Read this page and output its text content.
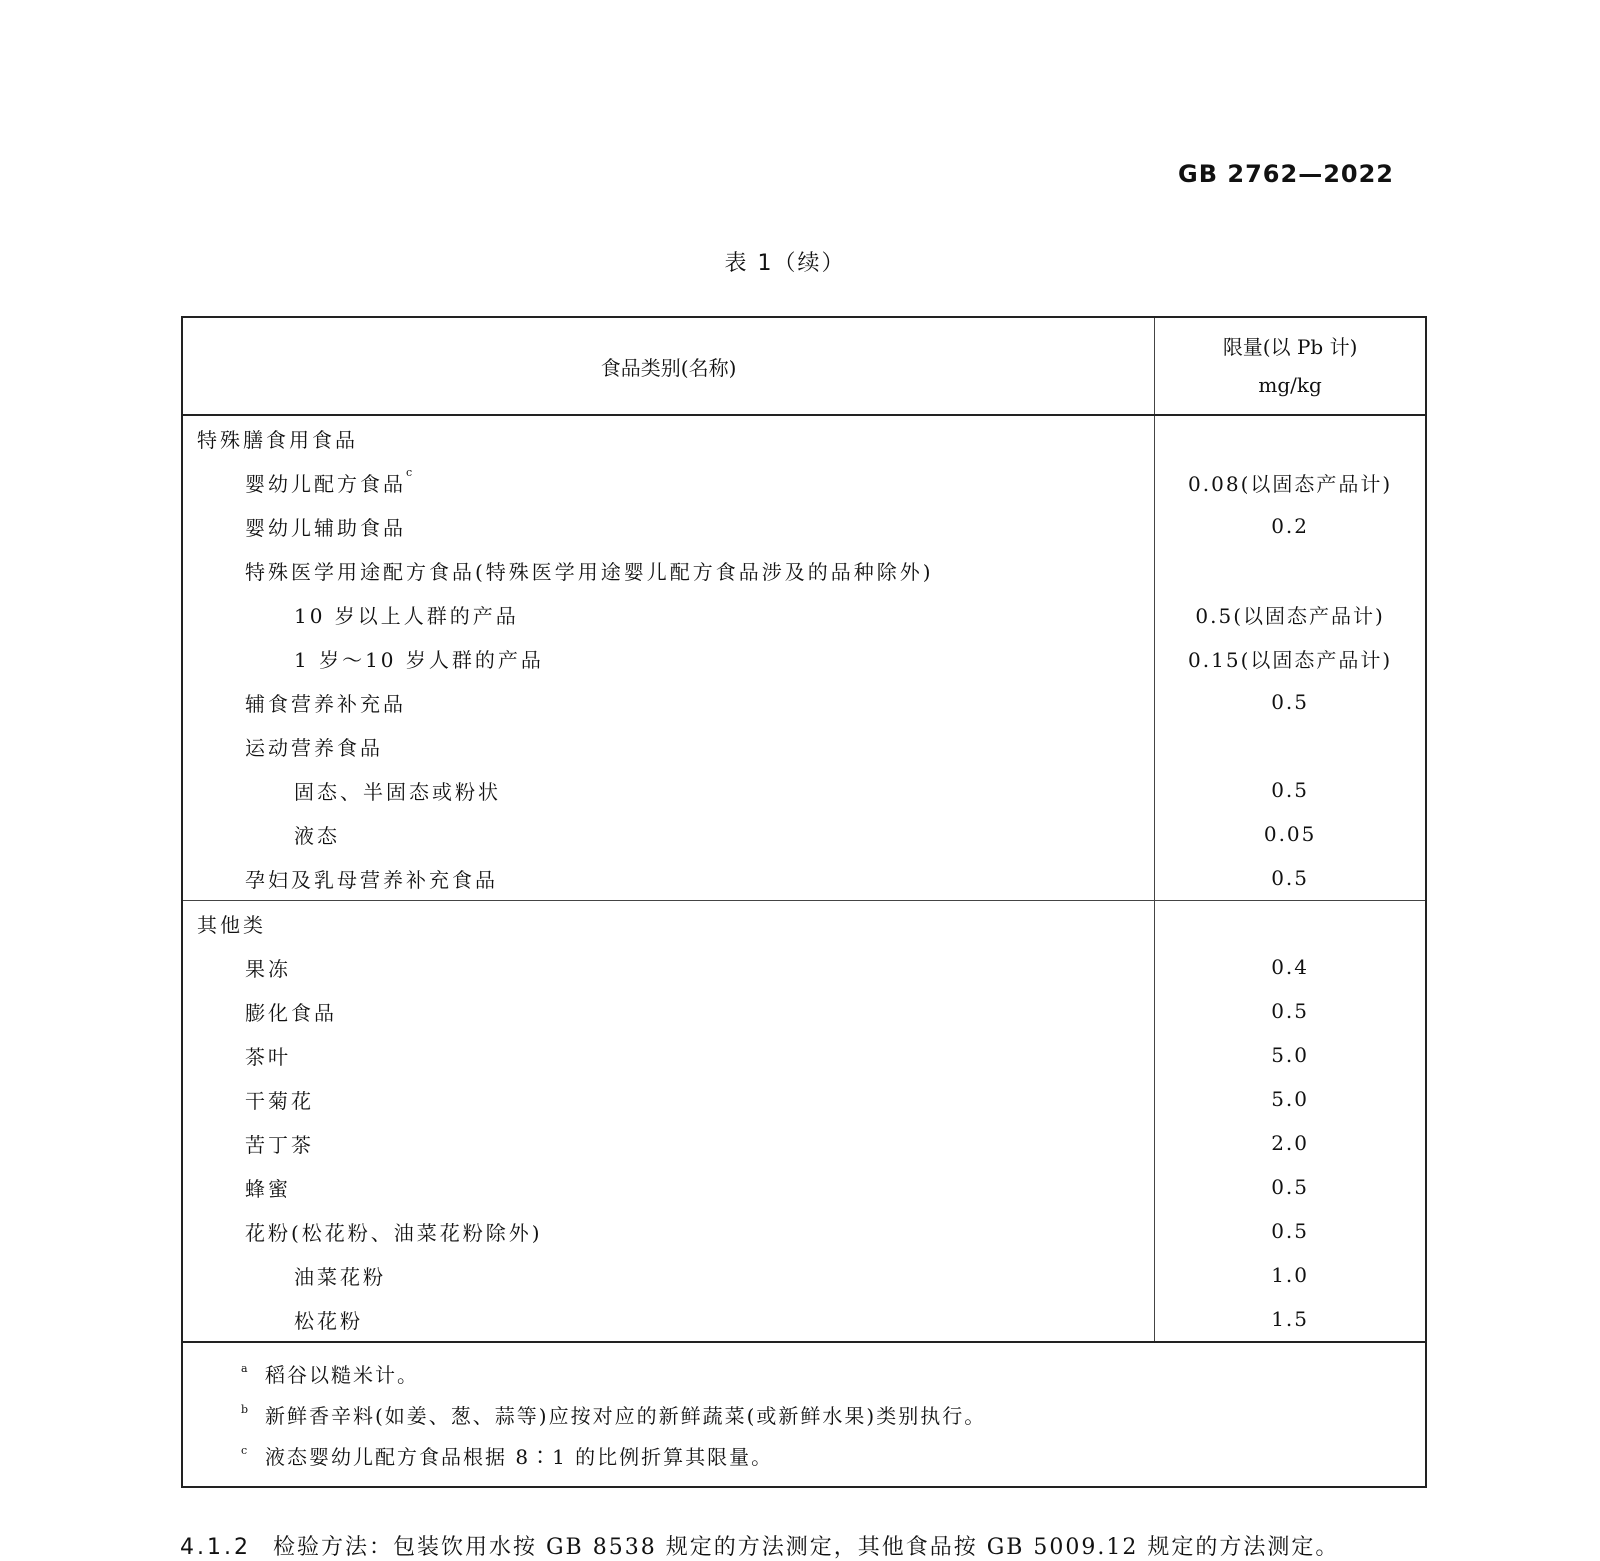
GB 2762—2022
表 1（续）
食品类别(名称)	限量(以 Pb 计)
mg/kg

特殊膳食用食品	
婴幼儿配方食品$^c$	0.08(以固态产品计)
婴幼儿辅助食品	0.2
特殊医学用途配方食品(特殊医学用途婴儿配方食品涉及的品种除外)	
10 岁以上人群的产品	0.5(以固态产品计)
1 岁～10 岁人群的产品	0.15(以固态产品计)
辅食营养补充品	0.5
运动营养食品	
固态、半固态或粉状	0.5
液态	0.05
孕妇及乳母营养补充食品	0.5
其他类	
果冻	0.4
膨化食品	0.5
茶叶	5.0
干菊花	5.0
苦丁茶	2.0
蜂蜜	0.5
花粉(松花粉、油菜花粉除外)	0.5
油菜花粉	1.0
松花粉	1.5
a 稻谷以糙米计。
b 新鲜香辛料(如姜、葱、蒜等)应按对应的新鲜蔬菜(或新鲜水果)类别执行。
c 液态婴幼儿配方食品根据 8∶1 的比例折算其限量。
4.1.2 检验方法：包装饮用水按 GB 8538 规定的方法测定，其他食品按 GB 5009.12 规定的方法测定。
